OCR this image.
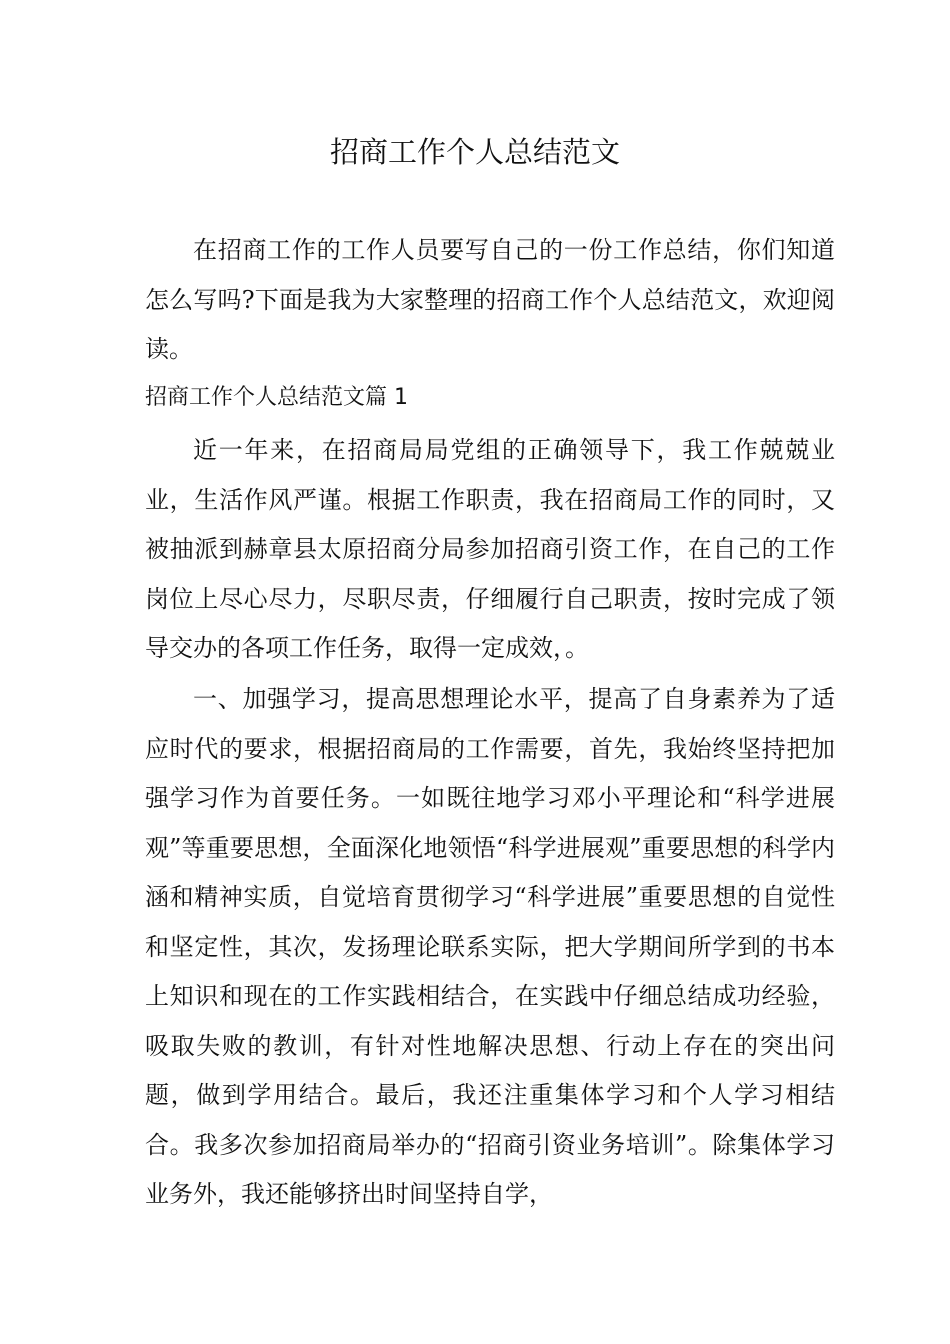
招商工作个人总结范文

在招商工作的工作人员要写自己的一份工作总结，你们知道怎么写吗?下面是我为大家整理的招商工作个人总结范文，欢迎阅读。

招商工作个人总结范文篇 1

近一年来，在招商局局党组的正确领导下，我工作兢兢业业，生活作风严谨。根据工作职责，我在招商局工作的同时，又被抽派到赫章县太原招商分局参加招商引资工作，在自己的工作岗位上尽心尽力，尽职尽责，仔细履行自己职责，按时完成了领导交办的各项工作任务，取得一定成效，。

一、加强学习，提高思想理论水平，提高了自身素养为了适应时代的要求，根据招商局的工作需要，首先，我始终坚持把加强学习作为首要任务。一如既往地学习邓小平理论和“科学进展观”等重要思想，全面深化地领悟“科学进展观”重要思想的科学内涵和精神实质，自觉培育贯彻学习“科学进展”重要思想的自觉性和坚定性，其次，发扬理论联系实际，把大学期间所学到的书本上知识和现在的工作实践相结合，在实践中仔细总结成功经验，吸取失败的教训，有针对性地解决思想、行动上存在的突出问题，做到学用结合。最后，我还注重集体学习和个人学习相结合。我多次参加招商局举办的“招商引资业务培训”。除集体学习业务外，我还能够挤出时间坚持自学，
